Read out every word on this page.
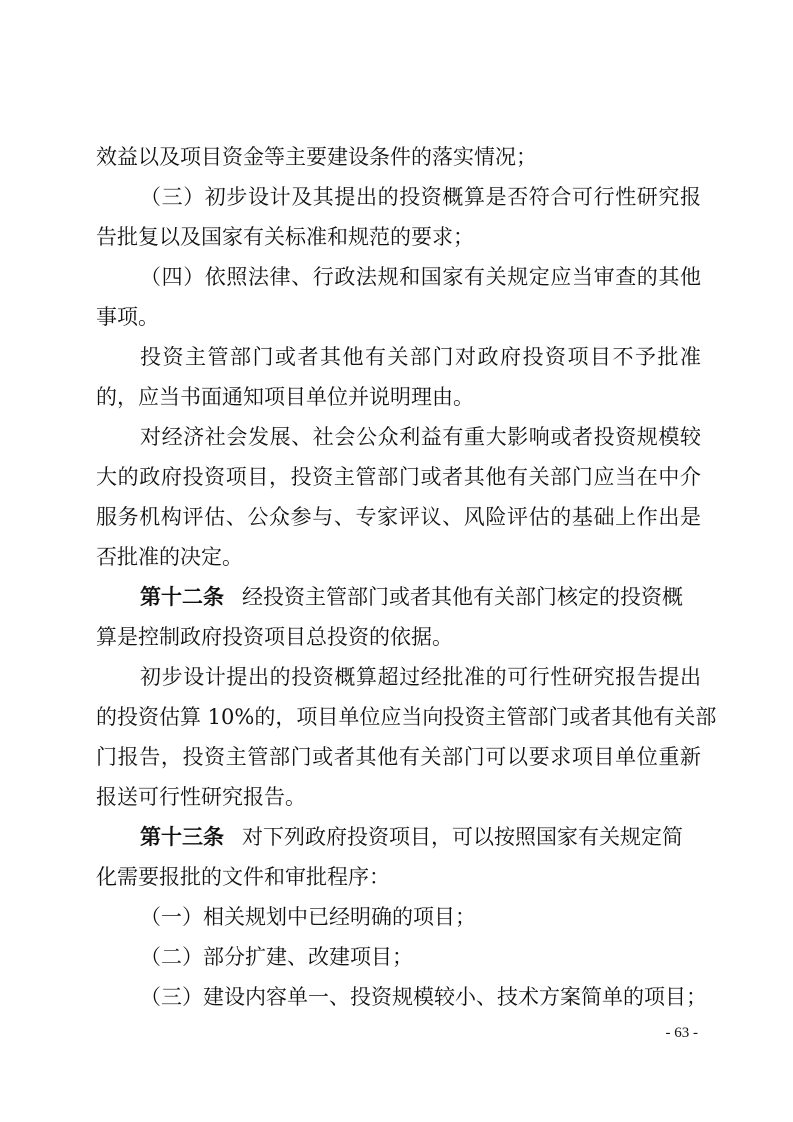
效益以及项目资金等主要建设条件的落实情况；
（三）初步设计及其提出的投资概算是否符合可行性研究报
告批复以及国家有关标准和规范的要求；
（四）依照法律、行政法规和国家有关规定应当审查的其他
事项。
投资主管部门或者其他有关部门对政府投资项目不予批准
的，应当书面通知项目单位并说明理由。
对经济社会发展、社会公众利益有重大影响或者投资规模较
大的政府投资项目，投资主管部门或者其他有关部门应当在中介
服务机构评估、公众参与、专家评议、风险评估的基础上作出是
否批准的决定。
第十二条 经投资主管部门或者其他有关部门核定的投资概
算是控制政府投资项目总投资的依据。
初步设计提出的投资概算超过经批准的可行性研究报告提出
的投资估算 10%的，项目单位应当向投资主管部门或者其他有关部
门报告，投资主管部门或者其他有关部门可以要求项目单位重新
报送可行性研究报告。
第十三条 对下列政府投资项目，可以按照国家有关规定简
化需要报批的文件和审批程序：
（一）相关规划中已经明确的项目；
（二）部分扩建、改建项目；
（三）建设内容单一、投资规模较小、技术方案简单的项目；
- 63 -
